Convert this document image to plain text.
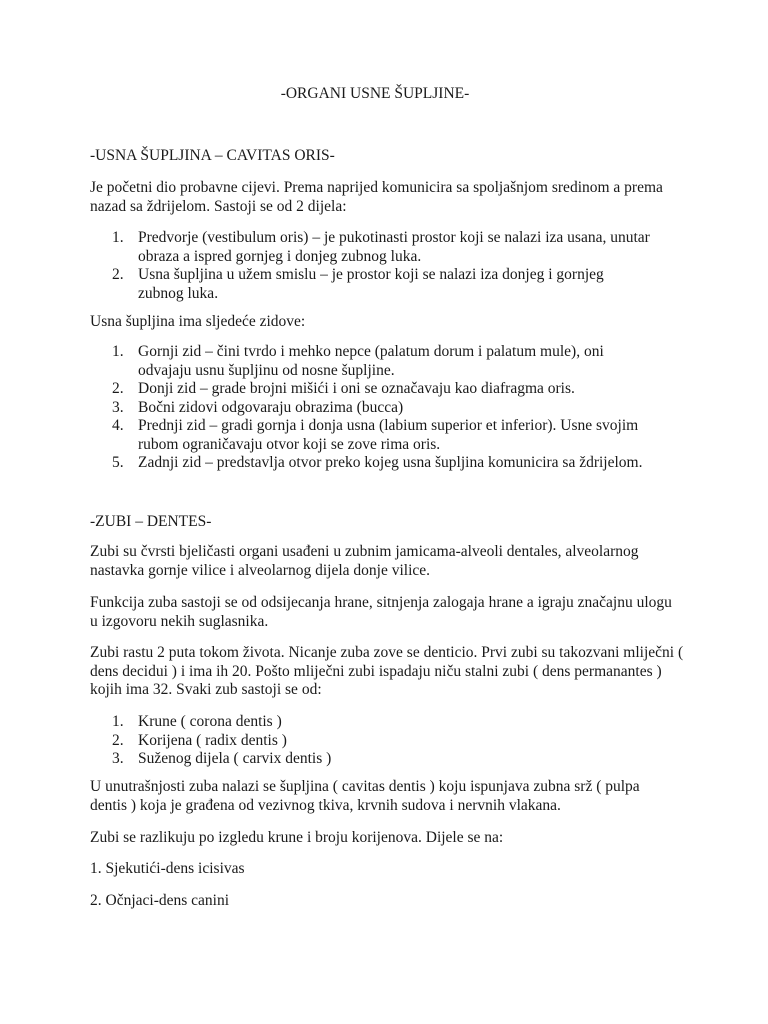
-ORGANI USNE ŠUPLJINE-

-USNA ŠUPLJINA – CAVITAS ORIS-

Je početni dio probavne cijevi. Prema naprijed komunicira sa spoljašnjom sredinom a prema nazad sa ždrijelom. Sastoji se od 2 dijela:

1. Predvorje (vestibulum oris) – je pukotinasti prostor koji se nalazi iza usana, unutar obraza a ispred gornjeg i donjeg zubnog luka.
2. Usna šupljina u užem smislu – je prostor koji se nalazi iza donjeg i gornjeg zubnog luka.

Usna šupljina ima sljedeće zidove:

1. Gornji zid – čini tvrdo i mehko nepce (palatum dorum i palatum mule), oni odvajaju usnu šupljinu od nosne šupljine.
2. Donji zid – grade brojni mišići i oni se označavaju kao diafragma oris.
3. Bočni zidovi odgovaraju obrazima (bucca)
4. Prednji zid – gradi gornja i donja usna (labium superior et inferior). Usne svojim rubom ograničavaju otvor koji se zove rima oris.
5. Zadnji zid – predstavlja otvor preko kojeg usna šupljina komunicira sa ždrijelom.

-ZUBI – DENTES-

Zubi su čvrsti bjeličasti organi usađeni u zubnim jamicama-alveoli dentales, alveolarnog nastavka gornje vilice i alveolarnog dijela donje vilice.

Funkcija zuba sastoji se od odsijecanja hrane, sitnjenja zalogaja hrane a igraju značajnu ulogu u izgovoru nekih suglasnika.

Zubi rastu 2 puta tokom života. Nicanje zuba zove se denticio. Prvi zubi su takozvani mliječni ( dens decidui ) i ima ih 20. Pošto mliječni zubi ispadaju niču stalni zubi ( dens permanantes ) kojih ima 32. Svaki zub sastoji se od:

1. Krune ( corona dentis )
2. Korijena ( radix dentis )
3. Suženog dijela ( carvix dentis )

U unutrašnjosti zuba nalazi se šupljina ( cavitas dentis ) koju ispunjava zubna srž ( pulpa dentis ) koja je građena od vezivnog tkiva, krvnih sudova i nervnih vlakana.

Zubi se razlikuju po izgledu krune i broju korijenova. Dijele se na:

1. Sjekutići-dens icisivas

2. Očnjaci-dens canini
